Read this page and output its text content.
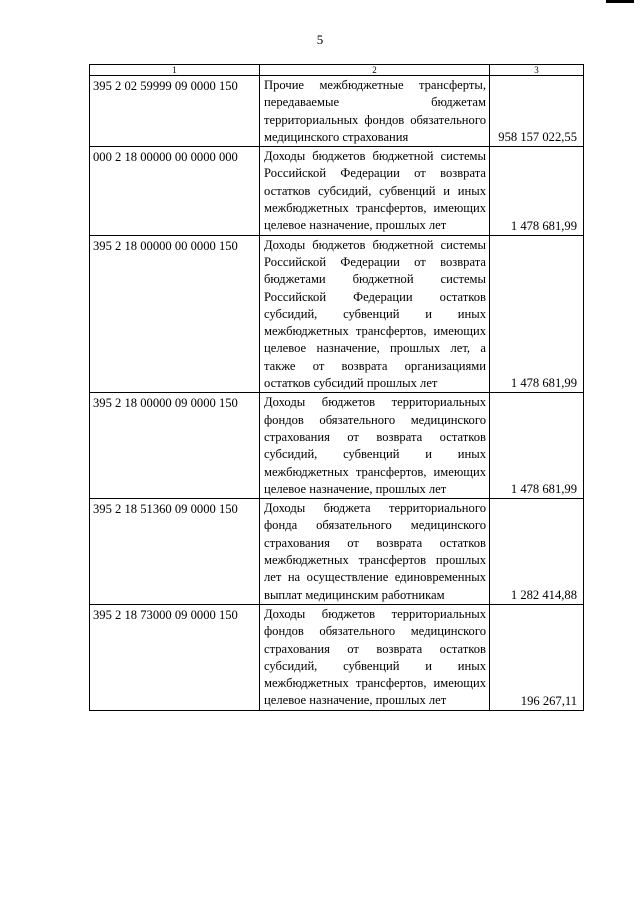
5
1	2	3

395 2 02 59999 09 0000 150	Прочие межбюджетные трансферты, передаваемые бюджетам территориальных фондов обязательного медицинского страхования	958 157 022,55

000 2 18 00000 00 0000 000	Доходы бюджетов бюджетной системы Российской Федерации от возврата остатков субсидий, субвенций и иных межбюджетных трансфертов, имеющих целевое назначение, прошлых лет	1 478 681,99

395 2 18 00000 00 0000 150	Доходы бюджетов бюджетной системы Российской Федерации от возврата бюджетами бюджетной системы Российской Федерации остатков субсидий, субвенций и иных межбюджетных трансфертов, имеющих целевое назначение, прошлых лет, а также от возврата организациями остатков субсидий прошлых лет	1 478 681,99

395 2 18 00000 09 0000 150	Доходы бюджетов территориальных фондов обязательного медицинского страхования от возврата остатков субсидий, субвенций и иных межбюджетных трансфертов, имеющих целевое назначение, прошлых лет	1 478 681,99

395 2 18 51360 09 0000 150	Доходы бюджета территориального фонда обязательного медицинского страхования от возврата остатков межбюджетных трансфертов прошлых лет на осуществление единовременных выплат медицинским работникам	1 282 414,88

395 2 18 73000 09 0000 150	Доходы бюджетов территориальных фондов обязательного медицинского страхования от возврата остатков субсидий, субвенций и иных межбюджетных трансфертов, имеющих целевое назначение, прошлых лет	196 267,11
